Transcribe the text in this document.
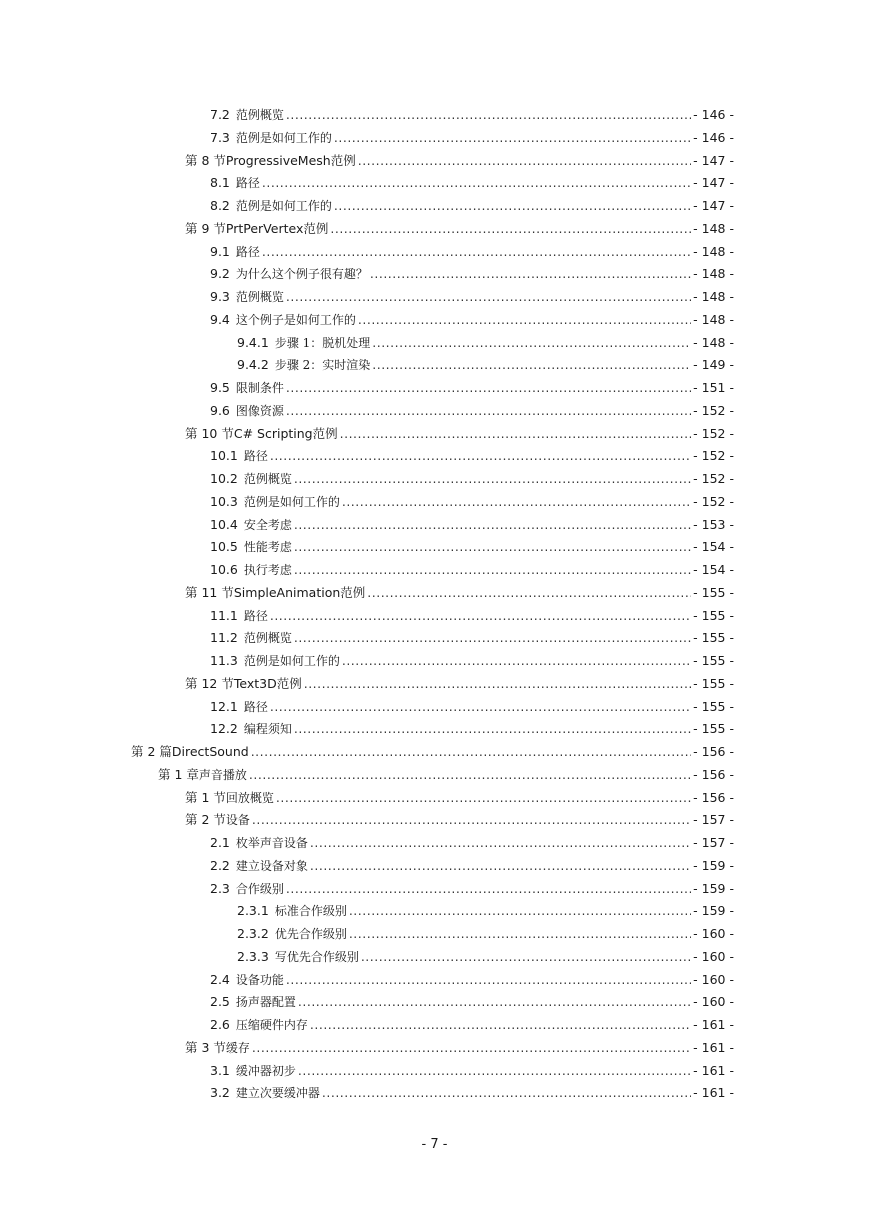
7.2 范例概览 .....	- 146 -
7.3 范例是如何工作的 .....	- 146 -
第 8 节 ProgressiveMesh范例 .....	- 147 -
8.1 路径 .....	- 147 -
8.2 范例是如何工作的 .....	- 147 -
第 9 节 PrtPerVertex范例 .....	- 148 -
9.1 路径 .....	- 148 -
9.2 为什么这个例子很有趣？ .....	- 148 -
9.3 范例概览 .....	- 148 -
9.4 这个例子是如何工作的 .....	- 148 -
9.4.1 步骤 1：脱机处理 .....	- 148 -
9.4.2 步骤 2：实时渲染 .....	- 149 -
9.5 限制条件 .....	- 151 -
9.6 图像资源 .....	- 152 -
第 10 节 C# Scripting范例 .....	- 152 -
10.1 路径 .....	- 152 -
10.2 范例概览 .....	- 152 -
10.3 范例是如何工作的 .....	- 152 -
10.4 安全考虑 .....	- 153 -
10.5 性能考虑 .....	- 154 -
10.6 执行考虑 .....	- 154 -
第 11 节 SimpleAnimation范例 .....	- 155 -
11.1 路径 .....	- 155 -
11.2 范例概览 .....	- 155 -
11.3 范例是如何工作的 .....	- 155 -
第 12 节 Text3D范例 .....	- 155 -
12.1 路径 .....	- 155 -
12.2 编程须知 .....	- 155 -
第 2 篇 DirectSound .....	- 156 -
第 1 章 声音播放 .....	- 156 -
第 1 节 回放概览 .....	- 156 -
第 2 节 设备 .....	- 157 -
2.1 枚举声音设备 .....	- 157 -
2.2 建立设备对象 .....	- 159 -
2.3 合作级别 .....	- 159 -
2.3.1 标准合作级别 .....	- 159 -
2.3.2 优先合作级别 .....	- 160 -
2.3.3 写优先合作级别 .....	- 160 -
2.4 设备功能 .....	- 160 -
2.5 扬声器配置 .....	- 160 -
2.6 压缩硬件内存 .....	- 161 -
第 3 节 缓存 .....	- 161 -
3.1 缓冲器初步 .....	- 161 -
3.2 建立次要缓冲器 .....	- 161 -
- 7 -
